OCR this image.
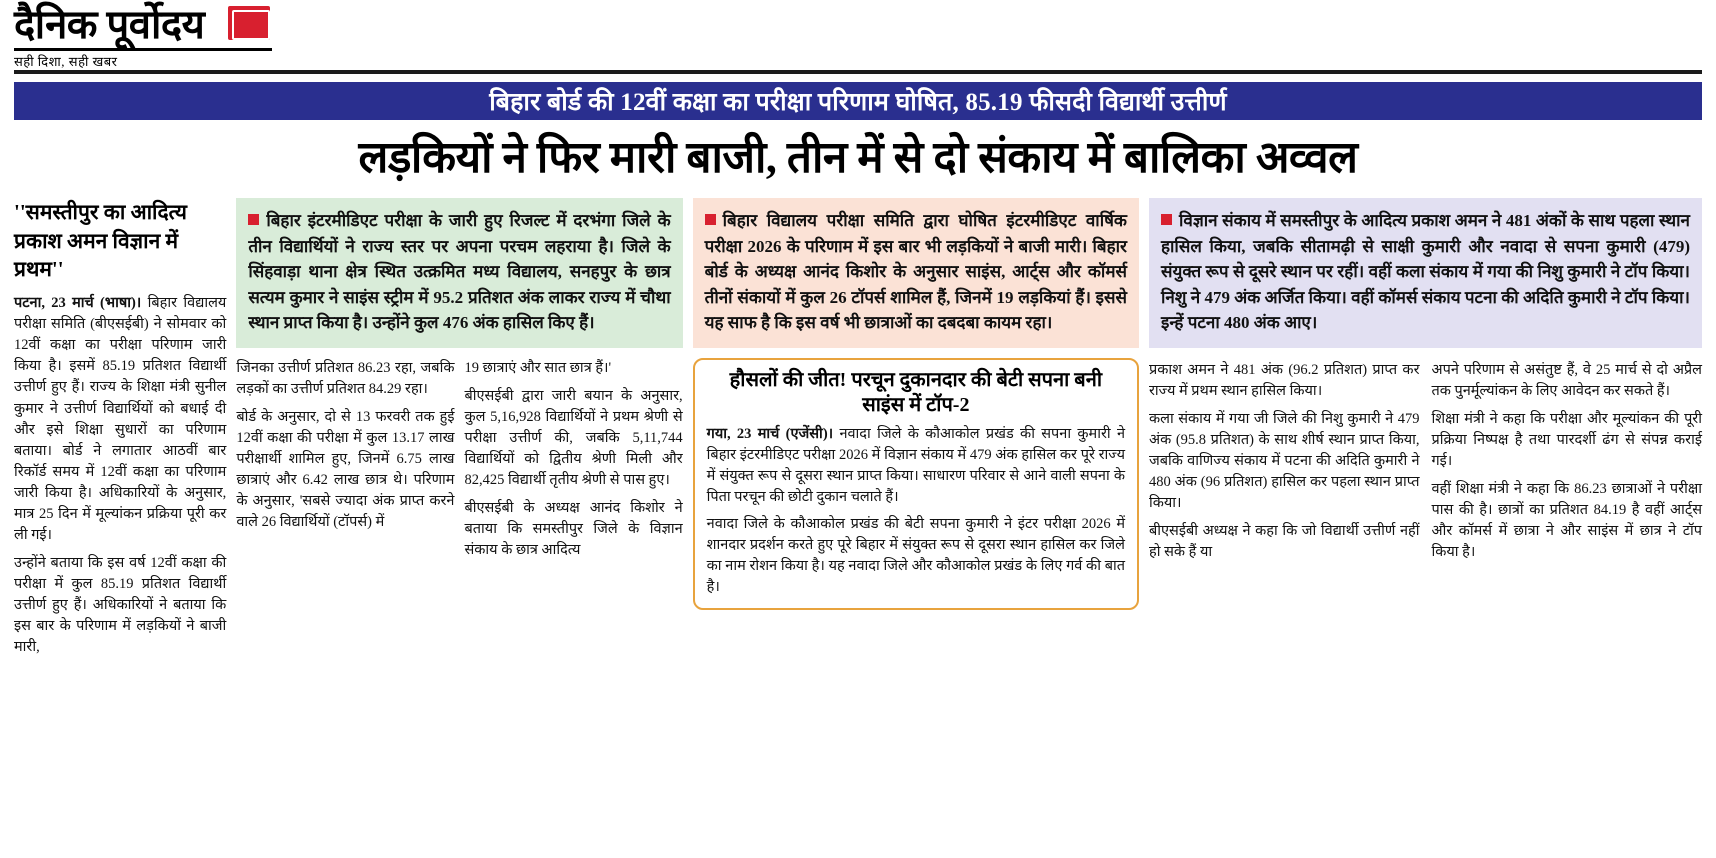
दैनिक पूर्वोदय
सही दिशा, सही खबर
बिहार बोर्ड की 12वीं कक्षा का परीक्षा परिणाम घोषित, 85.19 फीसदी विद्यार्थी उत्तीर्ण
लड़कियों ने फिर मारी बाजी, तीन में से दो संकाय में बालिका अव्वल
''समस्तीपुर का आदित्य प्रकाश अमन विज्ञान में प्रथम''

पटना, 23 मार्च (भाषा)। बिहार विद्यालय परीक्षा समिति (बीएसईबी) ने सोमवार को 12वीं कक्षा का परीक्षा परिणाम जारी किया है। इसमें 85.19 प्रतिशत विद्यार्थी उत्तीर्ण हुए हैं। राज्य के शिक्षा मंत्री सुनील कुमार ने उत्तीर्ण विद्यार्थियों को बधाई दी और इसे शिक्षा सुधारों का परिणाम बताया। बोर्ड ने लगातार आठवीं बार रिकॉर्ड समय में 12वीं कक्षा का परिणाम जारी किया है। अधिकारियों के अनुसार, मात्र 25 दिन में मूल्यांकन प्रक्रिया पूरी कर ली गई।

उन्होंने बताया कि इस वर्ष 12वीं कक्षा की परीक्षा में कुल 85.19 प्रतिशत विद्यार्थी उत्तीर्ण हुए हैं। अधिकारियों ने बताया कि इस बार के परिणाम में लड़कियों ने बाजी मारी,

बिहार इंटरमीडिएट परीक्षा के जारी हुए रिजल्ट में दरभंगा जिले के तीन विद्यार्थियों ने राज्य स्तर पर अपना परचम लहराया है। जिले के सिंहवाड़ा थाना क्षेत्र स्थित उत्क्रमित मध्य विद्यालय, सनहपुर के छात्र सत्यम कुमार ने साइंस स्ट्रीम में 95.2 प्रतिशत अंक लाकर राज्य में चौथा स्थान प्राप्त किया है। उन्होंने कुल 476 अंक हासिल किए हैं।

जिनका उत्तीर्ण प्रतिशत 86.23 रहा, जबकि लड़कों का उत्तीर्ण प्रतिशत 84.29 रहा।

बोर्ड के अनुसार, दो से 13 फरवरी तक हुई 12वीं कक्षा की परीक्षा में कुल 13.17 लाख परीक्षार्थी शामिल हुए, जिनमें 6.75 लाख छात्राएं और 6.42 लाख छात्र थे। परिणाम के अनुसार, 'सबसे ज्यादा अंक प्राप्त करने वाले 26 विद्यार्थियों (टॉपर्स) में

19 छात्राएं और सात छात्र हैं।'

बीएसईबी द्वारा जारी बयान के अनुसार, कुल 5,16,928 विद्यार्थियों ने प्रथम श्रेणी से परीक्षा उत्तीर्ण की, जबकि 5,11,744 विद्यार्थियों को द्वितीय श्रेणी मिली और 82,425 विद्यार्थी तृतीय श्रेणी से पास हुए।

बीएसईबी के अध्यक्ष आनंद किशोर ने बताया कि समस्तीपुर जिले के विज्ञान संकाय के छात्र आदित्य

बिहार विद्यालय परीक्षा समिति द्वारा घोषित इंटरमीडिएट वार्षिक परीक्षा 2026 के परिणाम में इस बार भी लड़कियों ने बाजी मारी। बिहार बोर्ड के अध्यक्ष आनंद किशोर के अनुसार साइंस, आर्ट्स और कॉमर्स तीनों संकायों में कुल 26 टॉपर्स शामिल हैं, जिनमें 19 लड़कियां हैं। इससे यह साफ है कि इस वर्ष भी छात्राओं का दबदबा कायम रहा।
हौसलों की जीत! परचून दुकानदार की बेटी सपना बनी साइंस में टॉप-2

गया, 23 मार्च (एजेंसी)। नवादा जिले के कौआकोल प्रखंड की सपना कुमारी ने बिहार इंटरमीडिएट परीक्षा 2026 में विज्ञान संकाय में 479 अंक हासिल कर पूरे राज्य में संयुक्त रूप से दूसरा स्थान प्राप्त किया। साधारण परिवार से आने वाली सपना के पिता परचून की छोटी दुकान चलाते हैं।

नवादा जिले के कौआकोल प्रखंड की बेटी सपना कुमारी ने इंटर परीक्षा 2026 में शानदार प्रदर्शन करते हुए पूरे बिहार में संयुक्त रूप से दूसरा स्थान हासिल कर जिले का नाम रोशन किया है। यह नवादा जिले और कौआकोल प्रखंड के लिए गर्व की बात है।

विज्ञान संकाय में समस्तीपुर के आदित्य प्रकाश अमन ने 481 अंकों के साथ पहला स्थान हासिल किया, जबकि सीतामढ़ी से साक्षी कुमारी और नवादा से सपना कुमारी (479) संयुक्त रूप से दूसरे स्थान पर रहीं। वहीं कला संकाय में गया की निशु कुमारी ने टॉप किया। निशु ने 479 अंक अर्जित किया। वहीं कॉमर्स संकाय पटना की अदिति कुमारी ने टॉप किया। इन्हें पटना 480 अंक आए।

प्रकाश अमन ने 481 अंक (96.2 प्रतिशत) प्राप्त कर राज्य में प्रथम स्थान हासिल किया।

कला संकाय में गया जी जिले की निशु कुमारी ने 479 अंक (95.8 प्रतिशत) के साथ शीर्ष स्थान प्राप्त किया, जबकि वाणिज्य संकाय में पटना की अदिति कुमारी ने 480 अंक (96 प्रतिशत) हासिल कर पहला स्थान प्राप्त किया।

बीएसईबी अध्यक्ष ने कहा कि जो विद्यार्थी उत्तीर्ण नहीं हो सके हैं या

अपने परिणाम से असंतुष्ट हैं, वे 25 मार्च से दो अप्रैल तक पुनर्मूल्यांकन के लिए आवेदन कर सकते हैं।

शिक्षा मंत्री ने कहा कि परीक्षा और मूल्यांकन की पूरी प्रक्रिया निष्पक्ष है तथा पारदर्शी ढंग से संपन्न कराई गई।

वहीं शिक्षा मंत्री ने कहा कि 86.23 छात्राओं ने परीक्षा पास की है। छात्रों का प्रतिशत 84.19 है वहीं आर्ट्स और कॉमर्स में छात्रा ने और साइंस में छात्र ने टॉप किया है।
